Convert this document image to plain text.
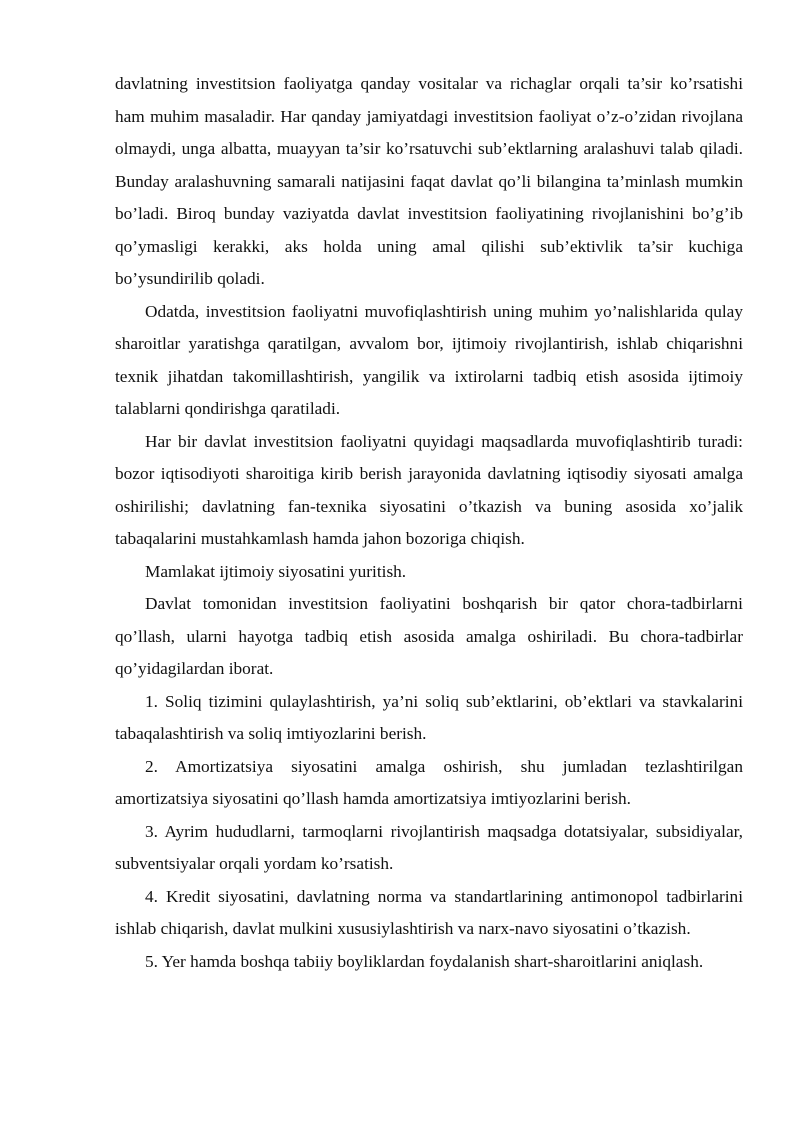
davlatning investitsion faoliyatga qanday vositalar va richaglar orqali ta’sir ko’rsatishi ham muhim masaladir. Har qanday jamiyatdagi investitsion faoliyat o’z-o’zidan rivojlana olmaydi, unga albatta, muayyan ta’sir ko’rsatuvchi sub’ektlarning aralashuvi talab qiladi. Bunday aralashuvning samarali natijasini faqat davlat qo’li bilangina ta’minlash mumkin bo’ladi. Biroq bunday vaziyatda davlat investitsion faoliyatining rivojlanishini bo’g’ib qo’ymasligi kerakki, aks holda uning amal qilishi sub’ektivlik ta’sir kuchiga bo’ysundirilib qoladi.

Odatda, investitsion faoliyatni muvofiqlashtirish uning muhim yo’nalishlarida qulay sharoitlar yaratishga qaratilgan, avvalom bor, ijtimoiy rivojlantirish, ishlab chiqarishni texnik jihatdan takomillashtirish, yangilik va ixtirolarni tadbiq etish asosida ijtimoiy talablarni qondirishga qaratiladi.

Har bir davlat investitsion faoliyatni quyidagi maqsadlarda muvofiqlashtirib turadi: bozor iqtisodiyoti sharoitiga kirib berish jarayonida davlatning iqtisodiy siyosati amalga oshirilishi; davlatning fan-texnika siyosatini o’tkazish va buning asosida xo’jalik tabaqalarini mustahkamlash hamda jahon bozoriga chiqish.

Mamlakat ijtimoiy siyosatini yuritish.

Davlat tomonidan investitsion faoliyatini boshqarish bir qator chora-tadbirlarni qo’llash, ularni hayotga tadbiq etish asosida amalga oshiriladi. Bu chora-tadbirlar qo’yidagilardan iborat.

1. Soliq tizimini qulaylashtirish, ya’ni soliq sub’ektlarini, ob’ektlari va stavkalarini tabaqalashtirish va soliq imtiyozlarini berish.

2. Amortizatsiya siyosatini amalga oshirish, shu jumladan tezlashtirilgan amortizatsiya siyosatini qo’llash hamda amortizatsiya imtiyozlarini berish.

3. Ayrim hududlarni, tarmoqlarni rivojlantirish maqsadga dotatsiyalar, subsidiyalar, subventsiyalar orqali yordam ko’rsatish.

4. Kredit siyosatini, davlatning norma va standartlarining antimonopol tadbirlarini ishlab chiqarish, davlat mulkini xususiylashtirish va narx-navo siyosatini o’tkazish.

5. Yer hamda boshqa tabiiy boyliklardan foydalanish shart-sharoitlarini aniqlash.
